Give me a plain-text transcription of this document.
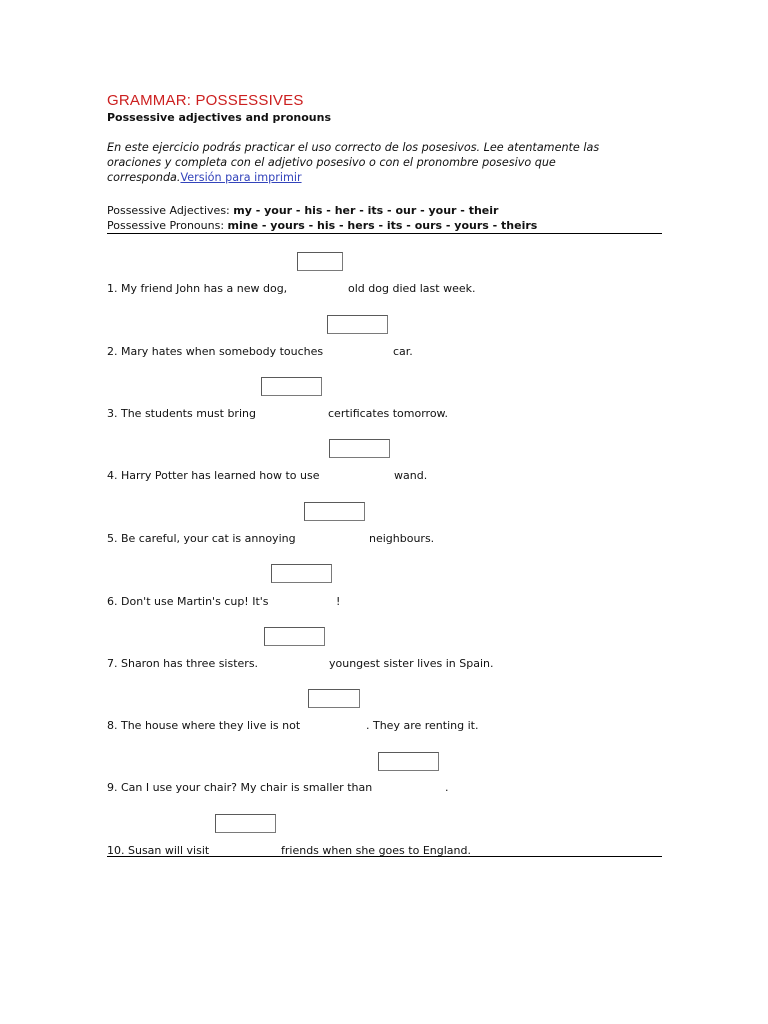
GRAMMAR: POSSESSIVES

Possessive adjectives and pronouns

En este ejercicio podrás practicar el uso correcto de los posesivos. Lee atentamente las oraciones y completa con el adjetivo posesivo o con el pronombre posesivo que corresponda.Versión para imprimir

Possessive Adjectives: my - your - his - her - its - our - your - their

Possessive Pronouns: mine - yours - his - hers - its - ours - yours - theirs

1. My friend John has a new dog,	old dog died last week.
2. Mary hates when somebody touches	car.
3. The students must bring	certificates tomorrow.
4. Harry Potter has learned how to use	wand.
5. Be careful, your cat is annoying	neighbours.
6. Don't use Martin's cup! It's	!
7. Sharon has three sisters.	youngest sister lives in Spain.
8. The house where they live is not	. They are renting it.
9. Can I use your chair? My chair is smaller than	.
10. Susan will visit	friends when she goes to England.
